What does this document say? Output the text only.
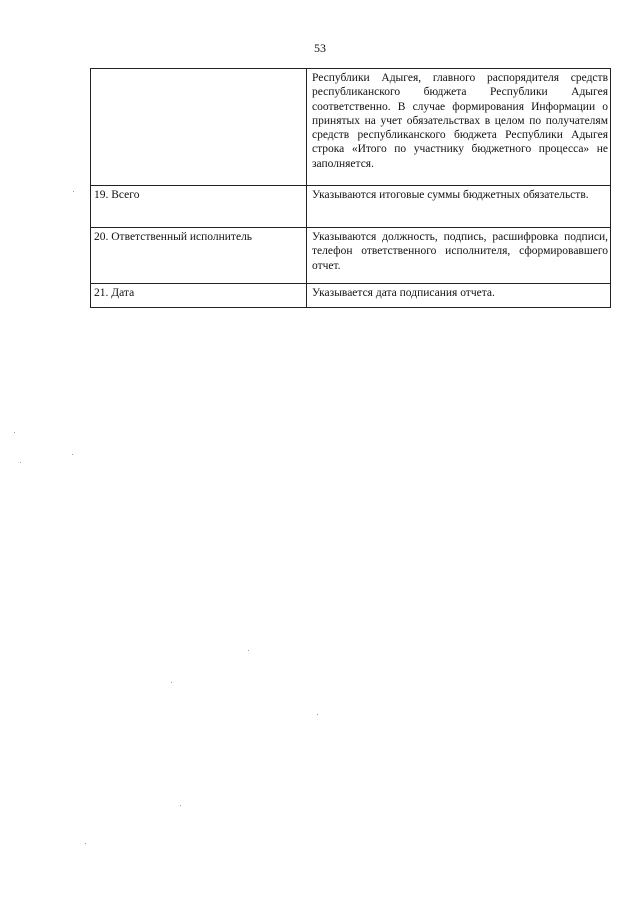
53
	Республики Адыгея, главного распорядителя средств республиканского бюджета Республики Адыгея соответственно. В случае формирования Информации о принятых на учет обязательствах в целом по получателям средств республиканского бюджета Республики Адыгея строка «Итого по участнику бюджетного процесса» не заполняется.
19. Всего	Указываются итоговые суммы бюджетных обязательств.
20. Ответственный исполнитель	Указываются должность, подпись, расшифровка подписи, телефон ответственного исполнителя, сформировавшего отчет.
21. Дата	Указывается дата подписания отчета.
